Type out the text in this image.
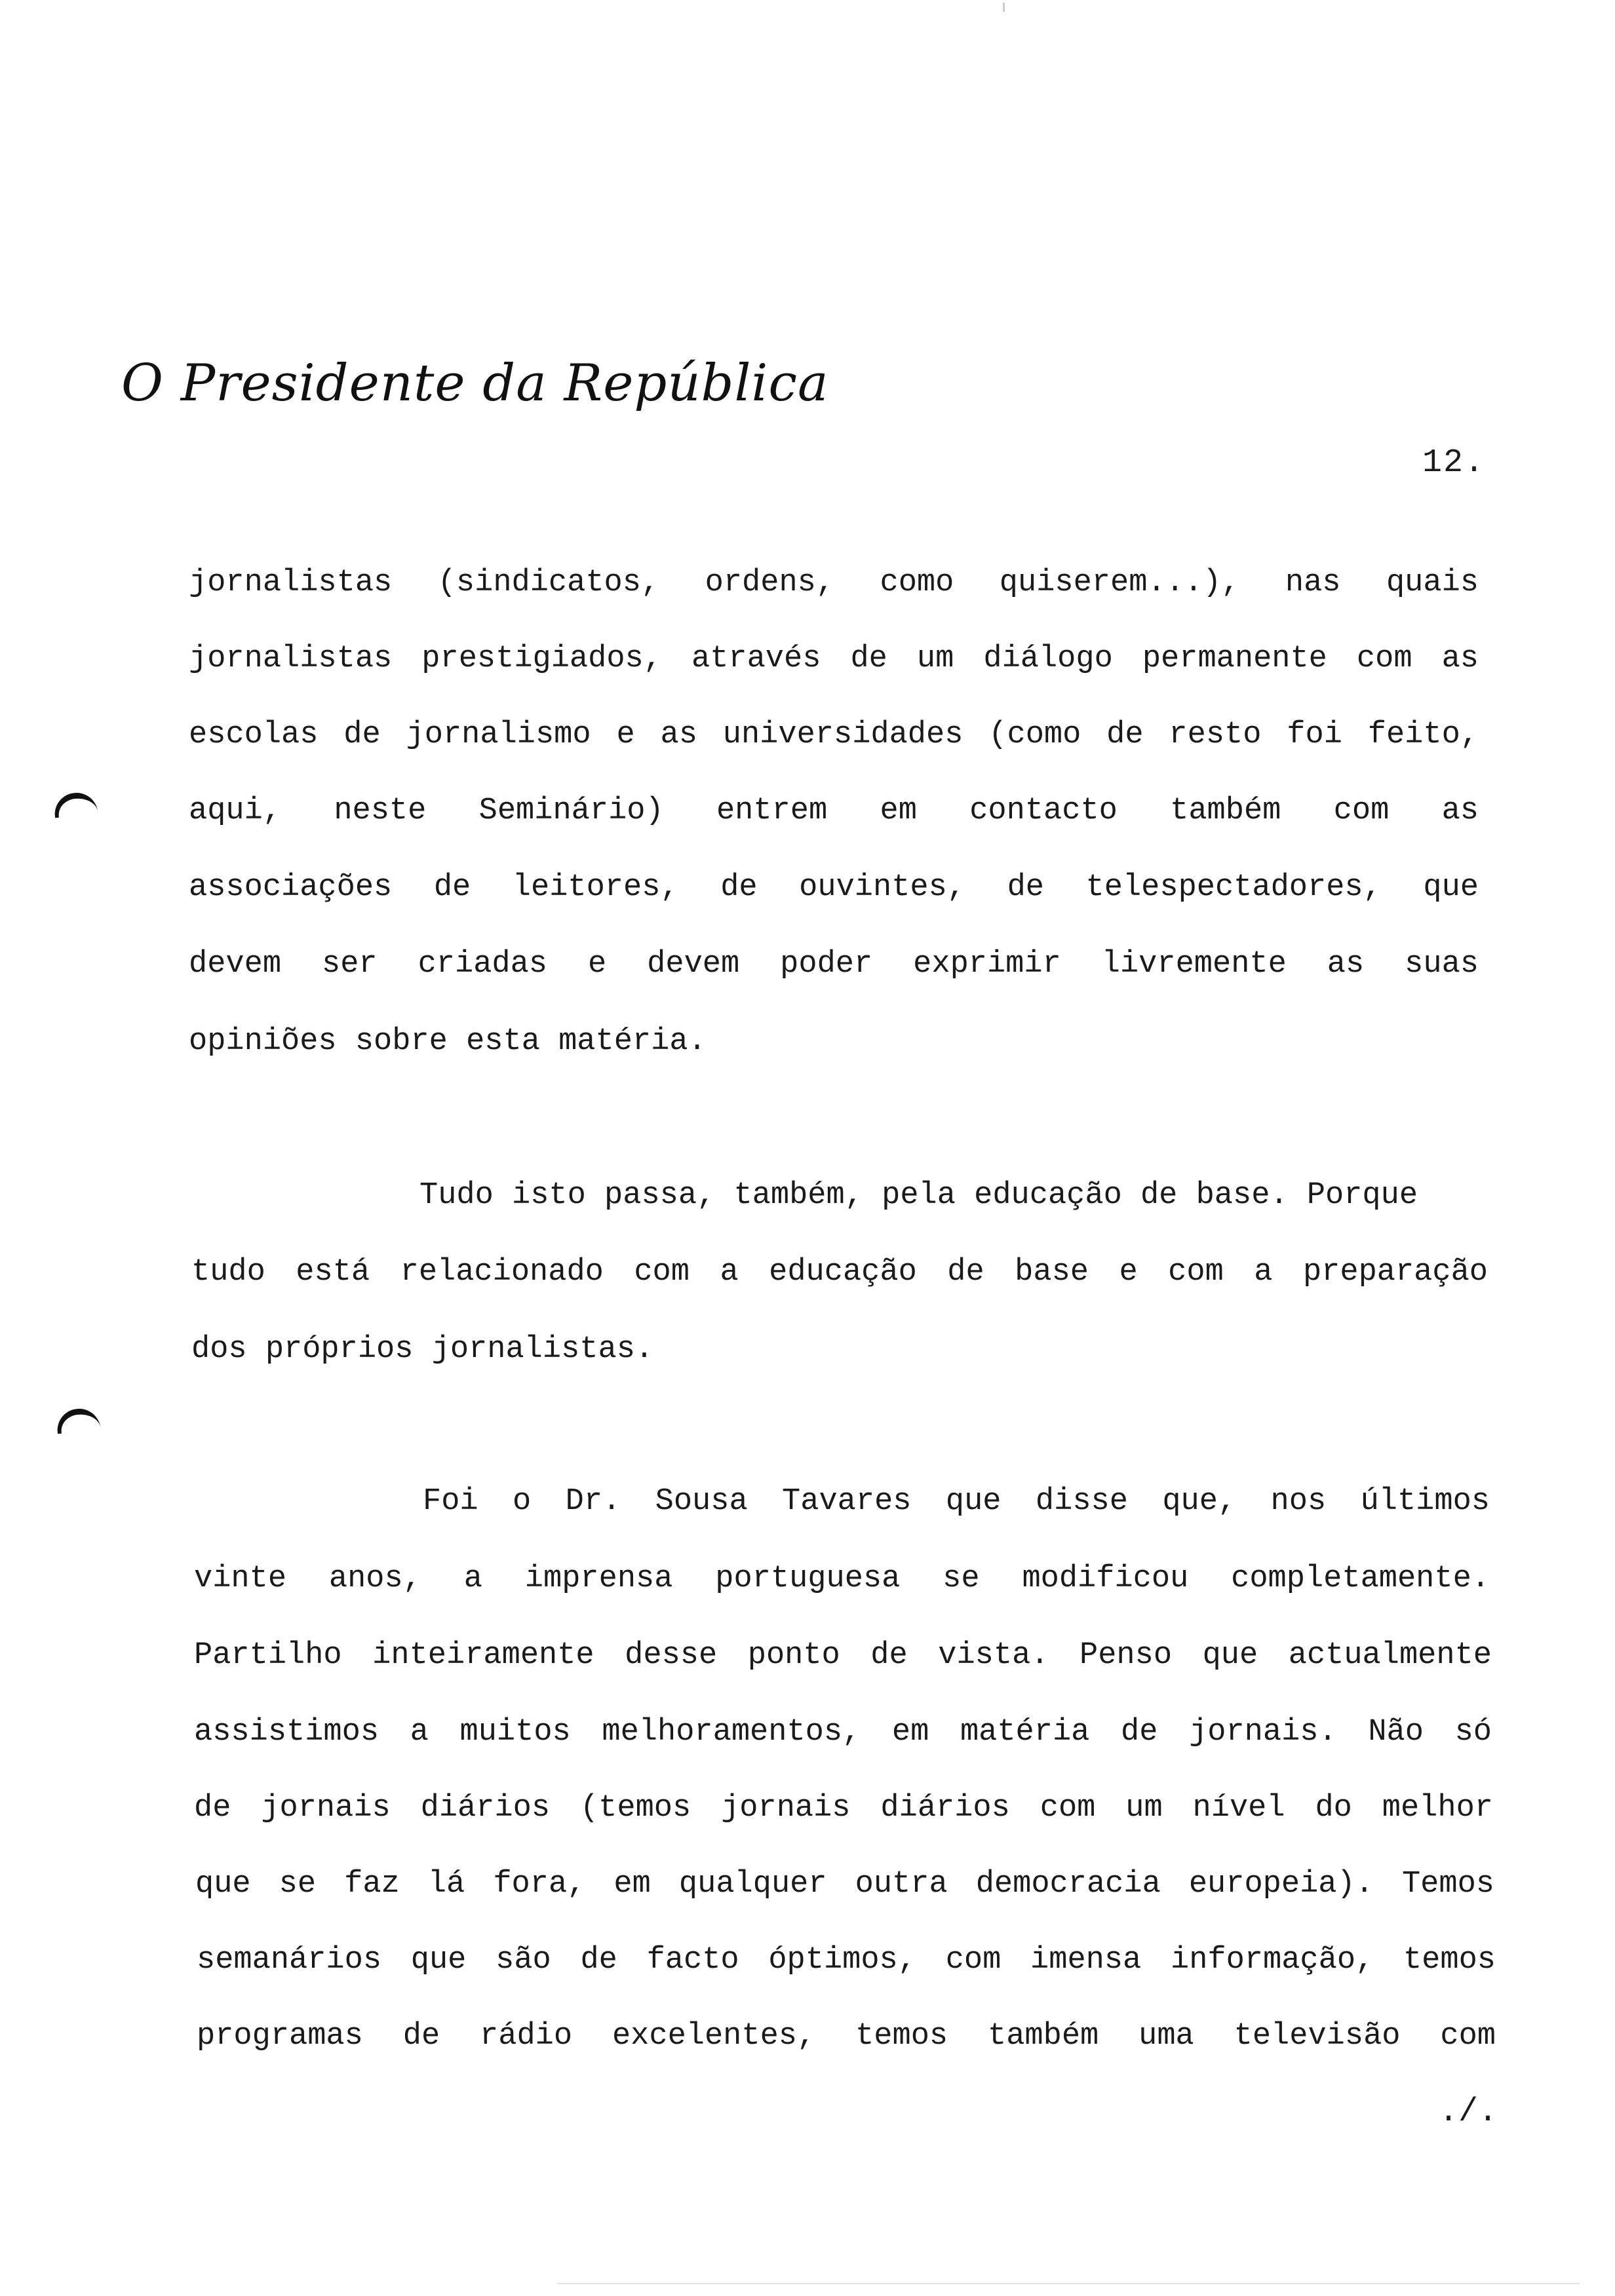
O Presidente da República
12.
jornalistas (sindicatos, ordens, como quiserem...), nas quais
jornalistas prestigiados, através de um diálogo permanente com as
escolas de jornalismo e as universidades (como de resto foi feito,
aqui, neste Seminário) entrem em contacto também com as
associações de leitores, de ouvintes, de telespectadores, que
devem ser criadas e devem poder exprimir livremente as suas
opiniões sobre esta matéria.
Tudo isto passa, também, pela educação de base. Porque
tudo está relacionado com a educação de base e com a preparação
dos próprios jornalistas.
Foi o Dr. Sousa Tavares que disse que, nos últimos
vinte anos, a imprensa portuguesa se modificou completamente.
Partilho inteiramente desse ponto de vista. Penso que actualmente
assistimos a muitos melhoramentos, em matéria de jornais. Não só
de jornais diários (temos jornais diários com um nível do melhor
que se faz lá fora, em qualquer outra democracia europeia). Temos
semanários que são de facto óptimos, com imensa informação, temos
programas de rádio excelentes, temos também uma televisão com
./.
